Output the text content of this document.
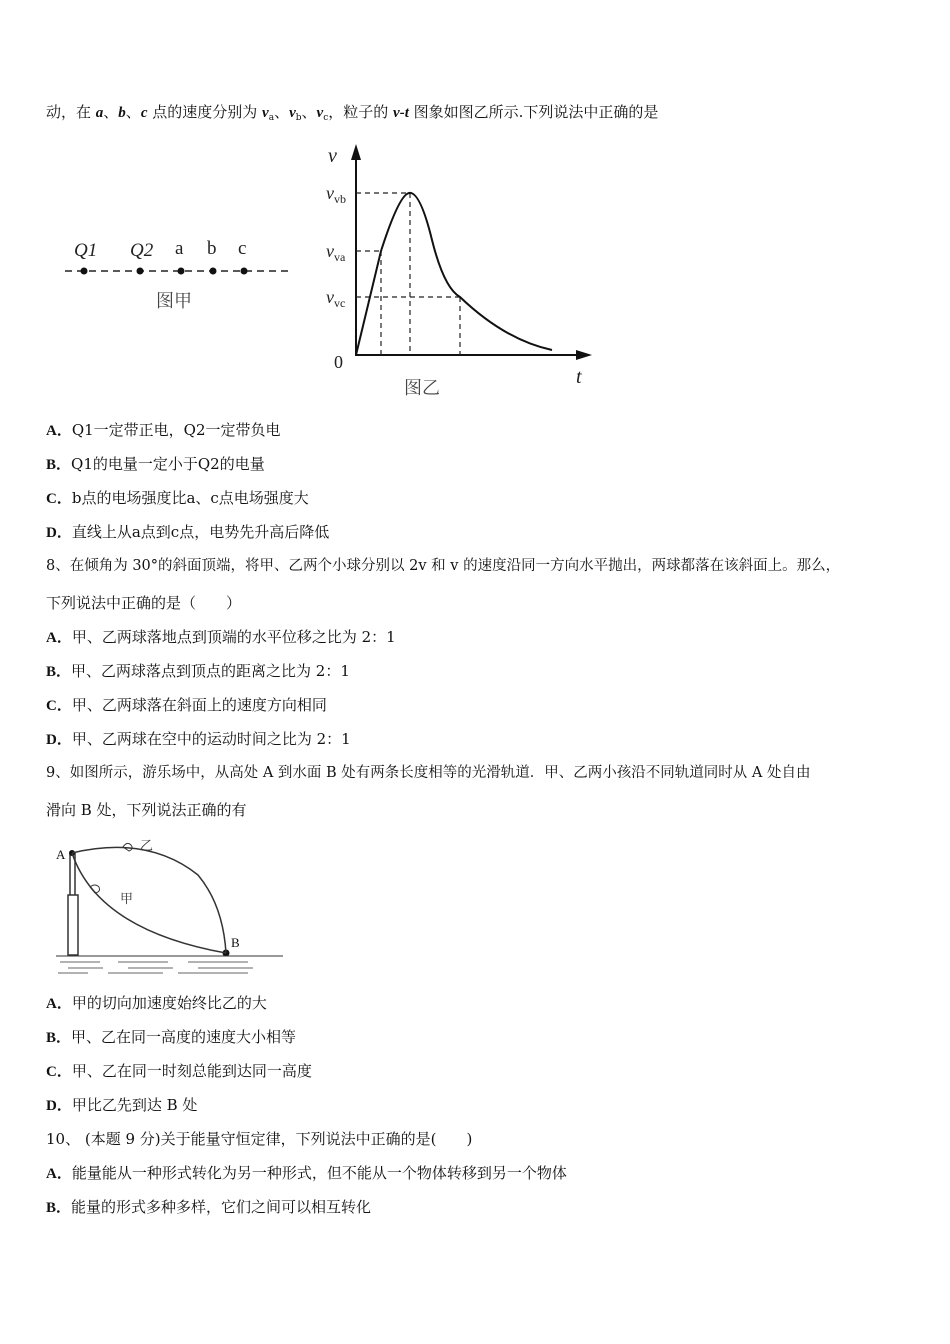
动，在 a、b、c 点的速度分别为 $v_a$、$v_b$、$v_c$，粒子的 v-t 图象如图乙所示.下列说法中正确的是
Q1 Q2 a b c
图甲
v
t
0
$v_{vb}$
$v_{va}$
$v_{vc}$
图乙
A．Q1一定带正电，Q2一定带负电
B．Q1的电量一定小于Q2的电量
C．b点的电场强度比a、c点电场强度大
D．直线上从a点到c点，电势先升高后降低
8、在倾角为 30°的斜面顶端，将甲、乙两个小球分别以 2v 和 v 的速度沿同一方向水平抛出，两球都落在该斜面上。那么，
下列说法中正确的是（　　）
A．甲、乙两球落地点到顶端的水平位移之比为 2：1
B．甲、乙两球落点到顶点的距离之比为 2：1
C．甲、乙两球落在斜面上的速度方向相同
D．甲、乙两球在空中的运动时间之比为 2：1
9、如图所示，游乐场中，从高处 A 到水面 B 处有两条长度相等的光滑轨道．甲、乙两小孩沿不同轨道同时从 A 处自由
滑向 B 处，下列说法正确的有
A
B
乙
甲
A．甲的切向加速度始终比乙的大
B．甲、乙在同一高度的速度大小相等
C．甲、乙在同一时刻总能到达同一高度
D．甲比乙先到达 B 处
10、 (本题 9 分)关于能量守恒定律，下列说法中正确的是(　　)
A．能量能从一种形式转化为另一种形式，但不能从一个物体转移到另一个物体
B．能量的形式多种多样，它们之间可以相互转化
